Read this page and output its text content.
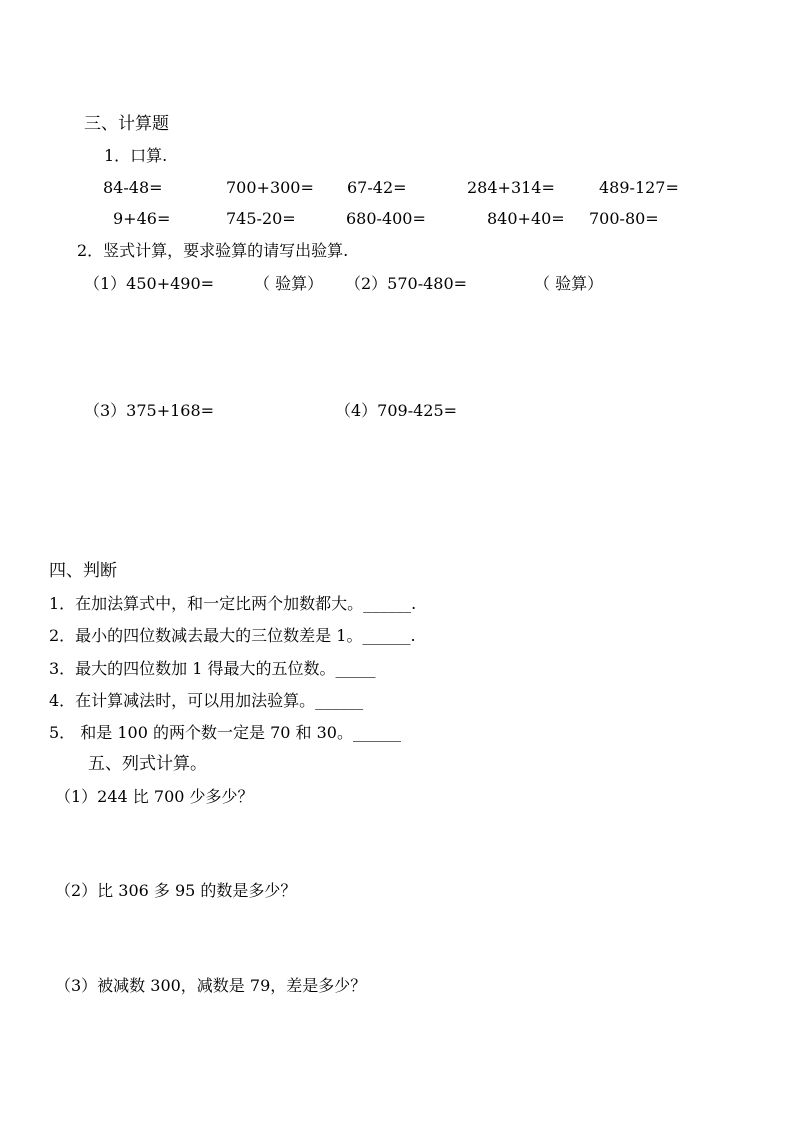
三、计算题
1．口算.
84-48=	700+300= 67-42=	284+314=	489-127=
9+46=	745-20=	680-400=	840+40= 700-80=
2．竖式计算，要求验算的请写出验算.
（1）450+490= （ 验算） （2）570-480=	（ 验算）
（3）375+168=	（4）709-425=
四、判断
1．在加法算式中，和一定比两个加数都大。______.
2．最小的四位数减去最大的三位数差是 1。______.
3．最大的四位数加 1 得最大的五位数。_____
4．在计算减法时，可以用加法验算。______
5． 和是 100 的两个数一定是 70 和 30。______
五、列式计算。
（1）244 比 700 少多少？
（2）比 306 多 95 的数是多少？
（3）被减数 300，减数是 79，差是多少？
